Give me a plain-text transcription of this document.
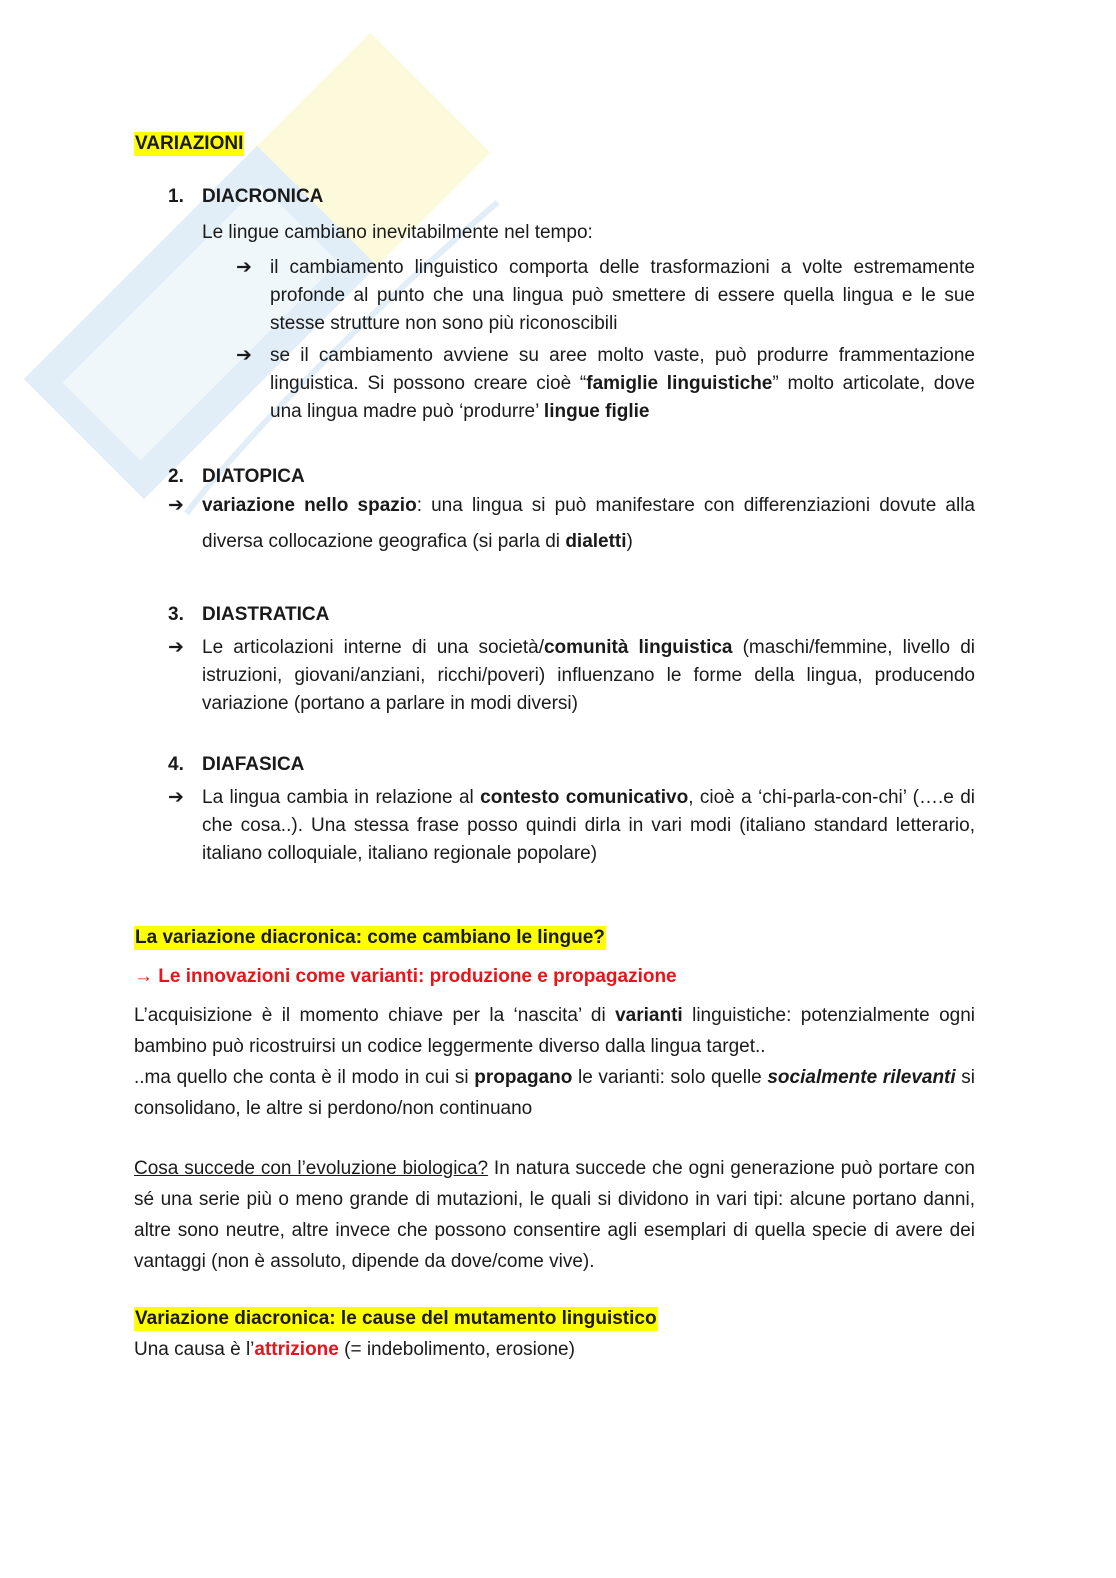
VARIAZIONI
1. DIACRONICA
Le lingue cambiano inevitabilmente nel tempo:
➔ il cambiamento linguistico comporta delle trasformazioni a volte estremamente profonde al punto che una lingua può smettere di essere quella lingua e le sue stesse strutture non sono più riconoscibili
➔ se il cambiamento avviene su aree molto vaste, può produrre frammentazione linguistica. Si possono creare cioè “famiglie linguistiche” molto articolate, dove una lingua madre può ‘produrre’ lingue figlie
2. DIATOPICA
➔ variazione nello spazio: una lingua si può manifestare con differenziazioni dovute alla diversa collocazione geografica (si parla di dialetti)
3. DIASTRATICA
➔ Le articolazioni interne di una società/comunità linguistica (maschi/femmine, livello di istruzioni, giovani/anziani, ricchi/poveri) influenzano le forme della lingua, producendo variazione (portano a parlare in modi diversi)
4. DIAFASICA
➔ La lingua cambia in relazione al contesto comunicativo, cioè a ‘chi-parla-con-chi’ (….e di che cosa..). Una stessa frase posso quindi dirla in vari modi (italiano standard letterario, italiano colloquiale, italiano regionale popolare)
La variazione diacronica: come cambiano le lingue?
→ Le innovazioni come varianti: produzione e propagazione
L’acquisizione è il momento chiave per la ‘nascita’ di varianti linguistiche: potenzialmente ogni bambino può ricostruirsi un codice leggermente diverso dalla lingua target..
..ma quello che conta è il modo in cui si propagano le varianti: solo quelle socialmente rilevanti si consolidano, le altre si perdono/non continuano
Cosa succede con l’evoluzione biologica? In natura succede che ogni generazione può portare con sé una serie più o meno grande di mutazioni, le quali si dividono in vari tipi: alcune portano danni, altre sono neutre, altre invece che possono consentire agli esemplari di quella specie di avere dei vantaggi (non è assoluto, dipende da dove/come vive).
Variazione diacronica: le cause del mutamento linguistico
Una causa è l’attrizione (= indebolimento, erosione)
